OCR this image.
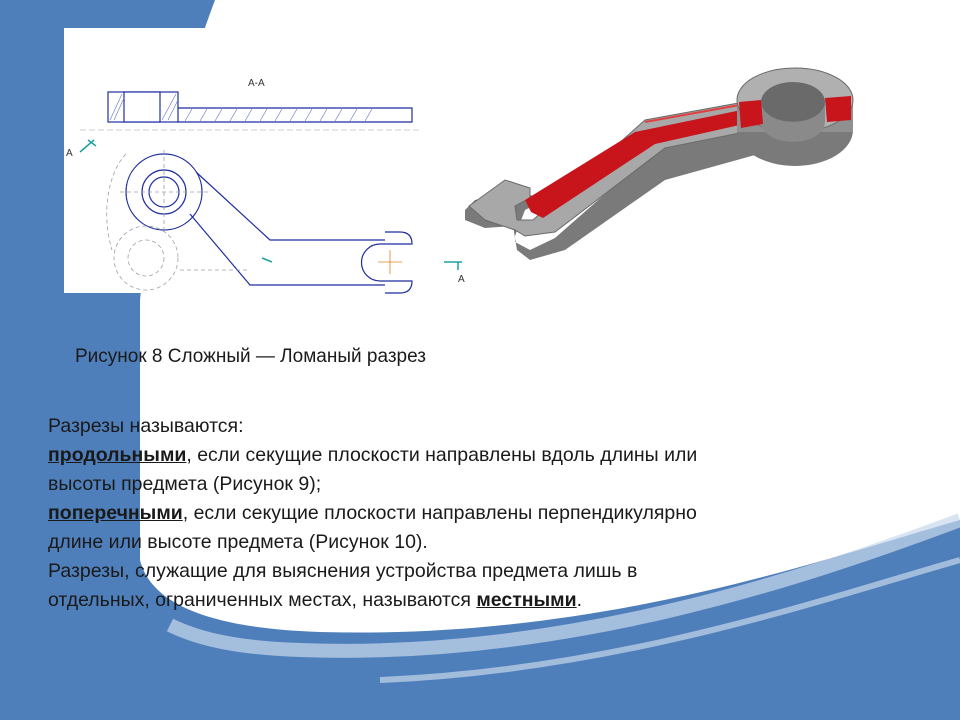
А-А
А
А
Рисунок 8 Сложный — Ломаный разрез

Разрезы называются:

продольными, если секущие плоскости направлены вдоль длины или

высоты предмета (Рисунок 9);

поперечными, если секущие плоскости направлены перпендикулярно

длине или высоте предмета (Рисунок 10).

Разрезы, служащие для выяснения устройства предмета лишь в

отдельных, ограниченных местах, называются местными.
